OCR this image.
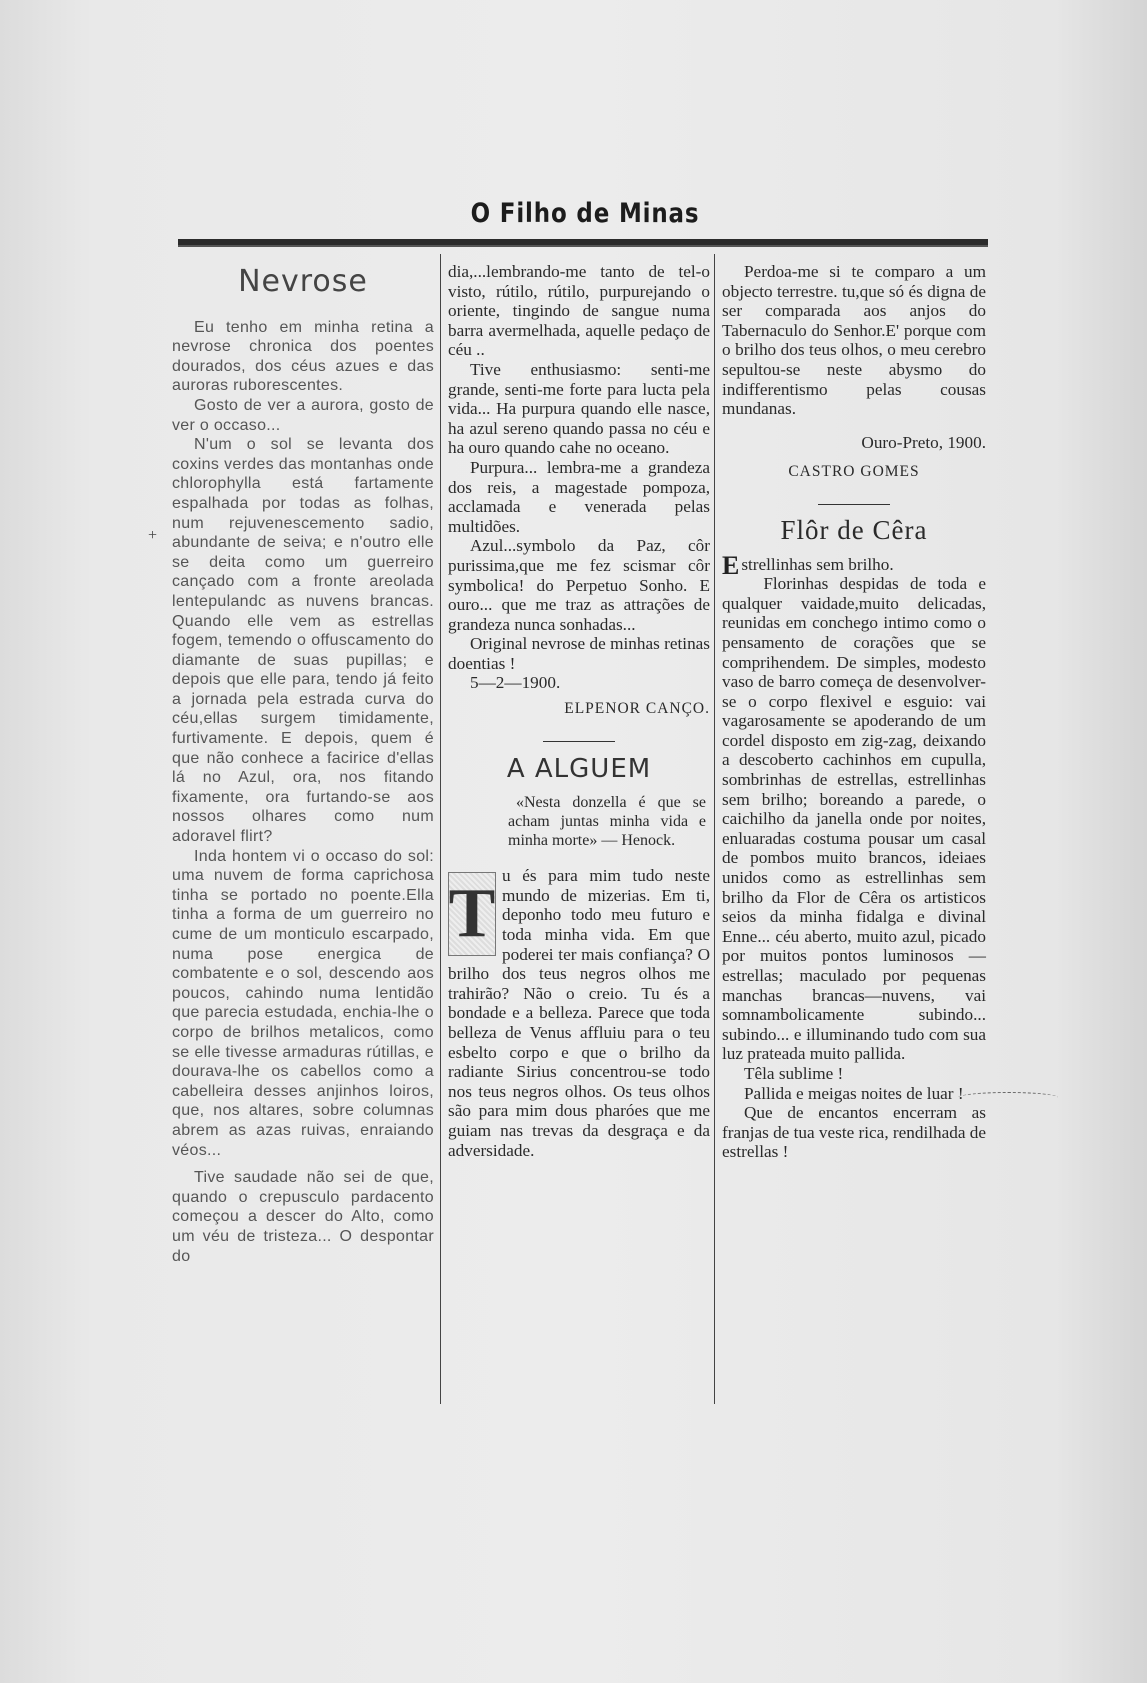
O Filho de Minas
+
Nevrose

Eu tenho em minha retina a nevrose chronica dos poentes dourados, dos céus azues e das auroras ruborescentes.

Gosto de ver a aurora, gosto de ver o occaso...

N'um o sol se levanta dos coxins verdes das montanhas onde chlorophylla está fartamente espalhada por todas as folhas, num rejuvenescemento sadio, abundante de seiva; e n'outro elle se deita como um guerreiro cançado com a fronte areolada lentepulandc as nuvens brancas. Quando elle vem as estrellas fogem, temendo o offuscamento do diamante de suas pupillas; e depois que elle para, tendo já feito a jornada pela estrada curva do céu,ellas surgem timidamente, furtivamente. E depois, quem é que não conhece a facirice d'ellas lá no Azul, ora, nos fitando fixamente, ora furtando-se aos nossos olhares como num adoravel flirt?

Inda hontem vi o occaso do sol: uma nuvem de forma caprichosa tinha se portado no poente.Ella tinha a forma de um guerreiro no cume de um monticulo escarpado, numa pose energica de combatente e o sol, descendo aos poucos, cahindo numa lentidão que parecia estudada, enchia-lhe o corpo de brilhos metalicos, como se elle tivesse armaduras rútillas, e dourava-lhe os cabellos como a cabelleira desses anjinhos loiros, que, nos altares, sobre columnas abrem as azas ruivas, enraiando véos...

Tive saudade não sei de que, quando o crepusculo pardacento começou a descer do Alto, como um véu de tristeza... O despontar do

dia,...lembrando-me tanto de tel-o visto, rútilo, rútilo, purpurejando o oriente, tingindo de sangue numa barra avermelhada, aquelle pedaço de céu ..

Tive enthusiasmo: senti-me grande, senti-me forte para lucta pela vida... Ha purpura quando elle nasce, ha azul sereno quando passa no céu e ha ouro quando cahe no oceano.

Purpura... lembra-me a grandeza dos reis, a magestade pompoza, acclamada e venerada pelas multidões.

Azul...symbolo da Paz, côr purissima,que me fez scismar côr symbolica! do Perpetuo Sonho. E ouro... que me traz as attrações de grandeza nunca sonhadas...

Original nevrose de minhas retinas doentias !

5—2—1900.

ELPENOR CANÇO.
A ALGUEM
«Nesta donzella é que se acham juntas minha vida e minha morte» — Henock.
T u és para mim tudo neste mundo de mizerias. Em ti, deponho todo meu futuro e toda minha vida. Em que poderei ter mais confiança? O brilho dos teus negros olhos me trahirão? Não o creio. Tu és a bondade e a belleza. Parece que toda belleza de Venus affluiu para o teu esbelto corpo e que o brilho da radiante Sirius concentrou-se todo nos teus negros olhos. Os teus olhos são para mim dous pharóes que me guiam nas trevas da desgraça e da adversidade.

Perdoa-me si te comparo a um objecto terrestre. tu,que só és digna de ser comparada aos anjos do Tabernaculo do Senhor.E' porque com o brilho dos teus olhos, o meu cerebro sepultou-se neste abysmo do indifferentismo pelas cousas mundanas.

Ouro-Preto, 1900.
CASTRO GOMES
Flôr de Cêra

Estrellinhas sem brilho.

Florinhas despidas de toda e qualquer vaidade,muito delicadas, reunidas em conchego intimo como o pensamento de corações que se comprihendem. De simples, modesto vaso de barro começa de desenvolver-se o corpo flexivel e esguio: vai vagarosamente se apoderando de um cordel disposto em zig-zag, deixando a descoberto cachinhos em cupulla, sombrinhas de estrellas, estrellinhas sem brilho; boreando a parede, o caichilho da janella onde por noites, enluaradas costuma pousar um casal de pombos muito brancos, ideiaes unidos como as estrellinhas sem brilho da Flor de Cêra os artisticos seios da minha fidalga e divinal Enne... céu aberto, muito azul, picado por muitos pontos luminosos —estrellas; maculado por pequenas manchas brancas—nuvens, vai somnambolicamente subindo... subindo... e illuminando tudo com sua luz prateada muito pallida.

Têla sublime !

Pallida e meigas noites de luar !

Que de encantos encerram as franjas de tua veste rica, rendilhada de estrellas !
